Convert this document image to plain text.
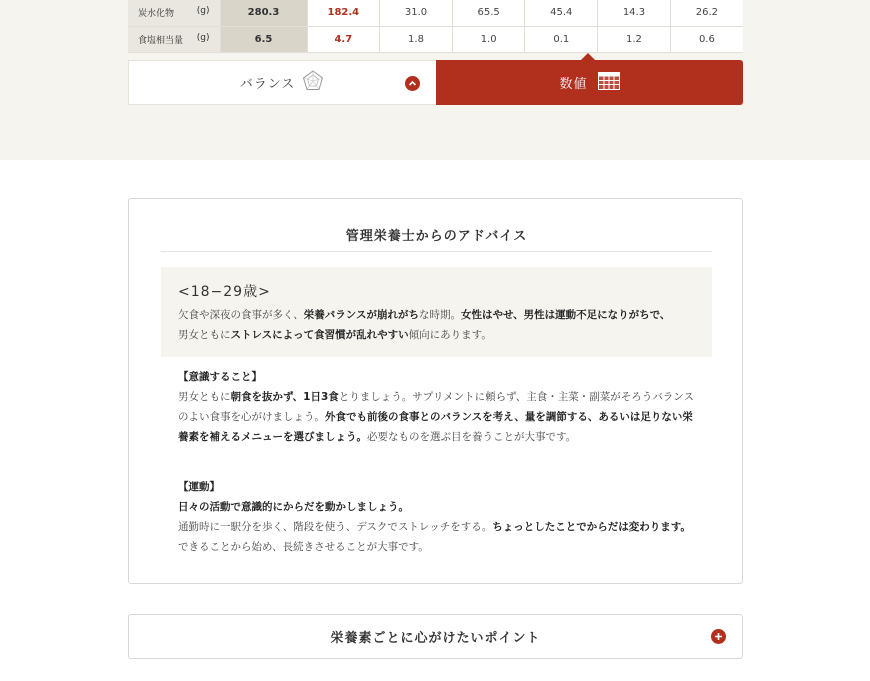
炭水化物 (g)	280.3	182.4	31.0	65.5	45.4	14.3	26.2
食塩相当量 (g)	6.5	4.7	1.8	1.0	0.1	1.2	0.6
バランス	数値
管理栄養士からのアドバイス
<18−29歳>

欠食や深夜の食事が多く、栄養バランスが崩れがちな時期。女性はやせ、男性は運動不足になりがちで、
男女ともにストレスによって食習慣が乱れやすい傾向にあります。

【意識すること】

男女ともに朝食を抜かず、1日3食とりましょう。サプリメントに頼らず、主食・主菜・副菜がそろうバランスのよい食事を心がけましょう。外食でも前後の食事とのバランスを考え、量を調節する、あるいは足りない栄養素を補えるメニューを選びましょう。必要なものを選ぶ目を養うことが大事です。

【運動】

日々の活動で意識的にからだを動かしましょう。
通勤時に一駅分を歩く、階段を使う、デスクでストレッチをする。ちょっとしたことでからだは変わります。
できることから始め、長続きさせることが大事です。

栄養素ごとに心がけたいポイント
